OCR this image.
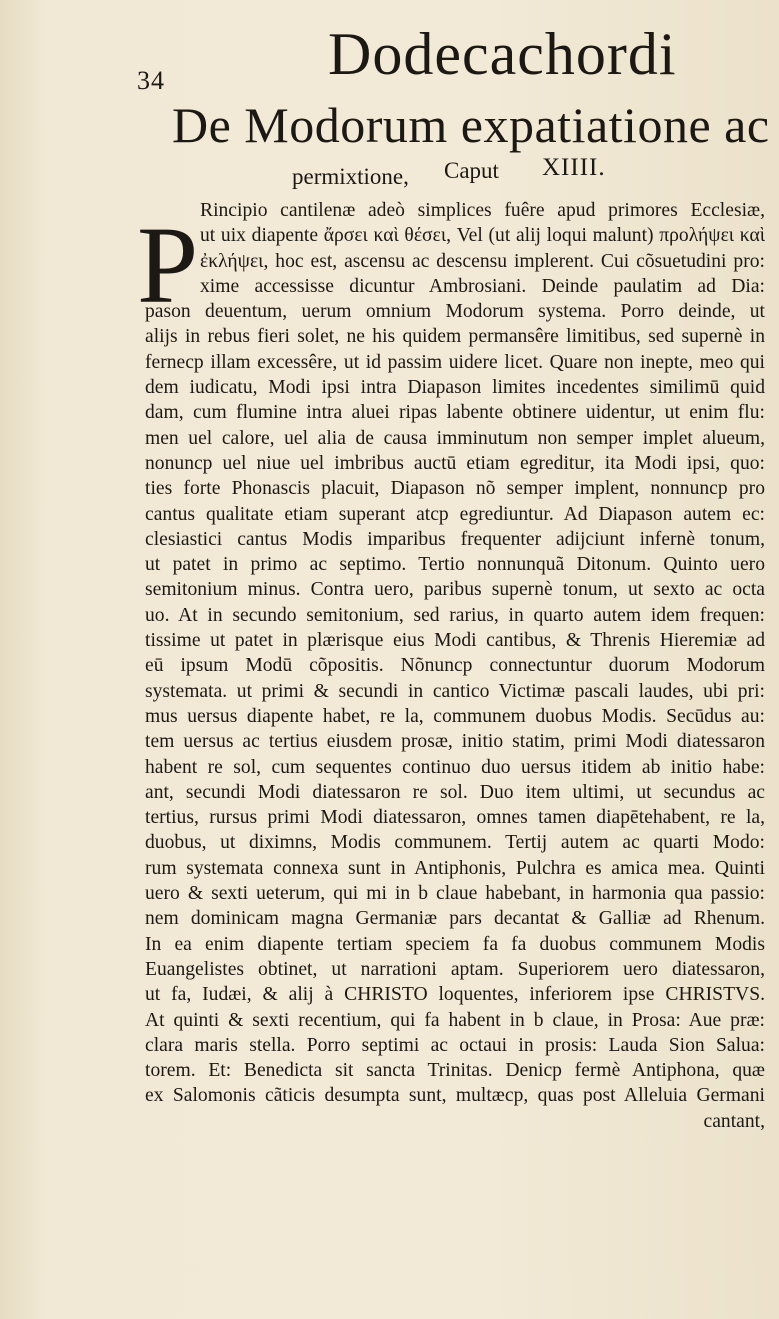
34	Dodecachordi
De Modorum expatiatione ac
permixtione, Caput XIIII.
P Rincipio cantilenæ adeò simplices fuêre apud primores Ecclesiæ,
ut uix diapente ἄρσει καὶ θέσει, Vel (ut alij loqui malunt) προλήψει καὶ
ἐκλήψει, hoc est, ascensu ac descensu implerent. Cui cõsuetudini pro:
xime accessisse dicuntur Ambrosiani. Deinde paulatim ad Dia:
pason deuentum, uerum omnium Modorum systema. Porro deinde, ut
alijs in rebus fieri solet, ne his quidem permansêre limitibus, sed supernè in
fernecp illam excessêre, ut id passim uidere licet. Quare non inepte, meo qui
dem iudicatu, Modi ipsi intra Diapason limites incedentes similimū quid
dam, cum flumine intra aluei ripas labente obtinere uidentur, ut enim flu:
men uel calore, uel alia de causa imminutum non semper implet alueum,
nonuncp uel niue uel imbribus auctū etiam egreditur, ita Modi ipsi, quo:
ties forte Phonascis placuit, Diapason nõ semper implent, nonnuncp pro
cantus qualitate etiam superant atcp egrediuntur. Ad Diapason autem ec:
clesiastici cantus Modis imparibus frequenter adijciunt infernè tonum,
ut patet in primo ac septimo. Tertio nonnunquã Ditonum. Quinto uero
semitonium minus. Contra uero, paribus supernè tonum, ut sexto ac octa
uo. At in secundo semitonium, sed rarius, in quarto autem idem frequen:
tissime ut patet in plærisque eius Modi cantibus, & Threnis Hieremiæ ad
eū ipsum Modū cõpositis. Nõnuncp connectuntur duorum Modorum
systemata. ut primi & secundi in cantico Victimæ pascali laudes, ubi pri:
mus uersus diapente habet, re la, communem duobus Modis. Secūdus au:
tem uersus ac tertius eiusdem prosæ, initio statim, primi Modi diatessaron
habent re sol, cum sequentes continuo duo uersus itidem ab initio habe:
ant, secundi Modi diatessaron re sol. Duo item ultimi, ut secundus ac
tertius, rursus primi Modi diatessaron, omnes tamen diapētehabent, re la,
duobus, ut diximns, Modis communem. Tertij autem ac quarti Modo:
rum systemata connexa sunt in Antiphonis, Pulchra es amica mea. Quinti
uero & sexti ueterum, qui mi in b claue habebant, in harmonia qua passio:
nem dominicam magna Germaniæ pars decantat & Galliæ ad Rhenum.
In ea enim diapente tertiam speciem fa fa duobus communem Modis
Euangelistes obtinet, ut narrationi aptam. Superiorem uero diatessaron,
ut fa, Iudæi, & alij à CHRISTO loquentes, inferiorem ipse CHRISTVS.
At quinti & sexti recentium, qui fa habent in b claue, in Prosa: Aue præ:
clara maris stella. Porro septimi ac octaui in prosis: Lauda Sion Salua:
torem. Et: Benedicta sit sancta Trinitas. Denicp fermè Antiphona, quæ
ex Salomonis cãticis desumpta sunt, multæcp, quas post Alleluia Germani
cantant,
